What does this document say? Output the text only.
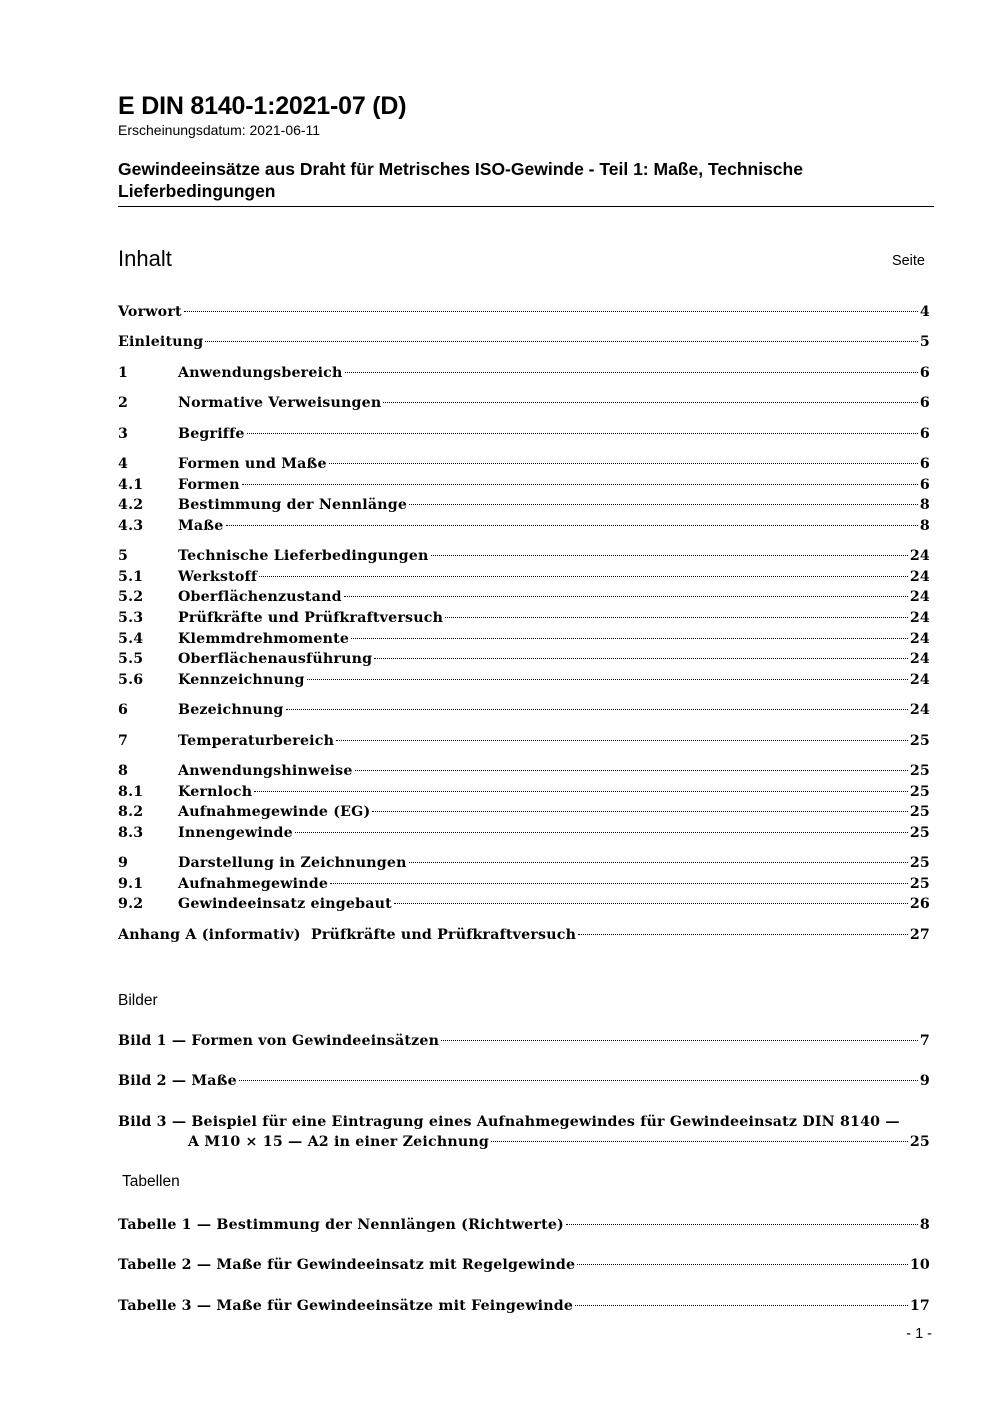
E DIN 8140-1:2021-07 (D)
Erscheinungsdatum: 2021-06-11
Gewindeeinsätze aus Draht für Metrisches ISO-Gewinde - Teil 1: Maße, Technische Lieferbedingungen
Inhalt	Seite
Vorwort	4
Einleitung	5
1	Anwendungsbereich	6
2	Normative Verweisungen	6
3	Begriffe	6
4	Formen und Maße	6
4.1	Formen	6
4.2	Bestimmung der Nennlänge	8
4.3	Maße	8
5	Technische Lieferbedingungen	24
5.1	Werkstoff	24
5.2	Oberflächenzustand	24
5.3	Prüfkräfte und Prüfkraftversuch	24
5.4	Klemmdrehmomente	24
5.5	Oberflächenausführung	24
5.6	Kennzeichnung	24
6	Bezeichnung	24
7	Temperaturbereich	25
8	Anwendungshinweise	25
8.1	Kernloch	25
8.2	Aufnahmegewinde (EG)	25
8.3	Innengewinde	25
9	Darstellung in Zeichnungen	25
9.1	Aufnahmegewinde	25
9.2	Gewindeeinsatz eingebaut	26
Anhang A (informativ)  Prüfkräfte und Prüfkraftversuch	27
Bilder
Bild 1 — Formen von Gewindeeinsätzen	7
Bild 2 — Maße	9
Bild 3 — Beispiel für eine Eintragung eines Aufnahmegewindes für Gewindeeinsatz DIN 8140 —
A M10 × 15 — A2 in einer Zeichnung	25
Tabellen
Tabelle 1 — Bestimmung der Nennlängen (Richtwerte)	8
Tabelle 2 — Maße für Gewindeeinsatz mit Regelgewinde	10
Tabelle 3 — Maße für Gewindeeinsätze mit Feingewinde	17
- 1 -
